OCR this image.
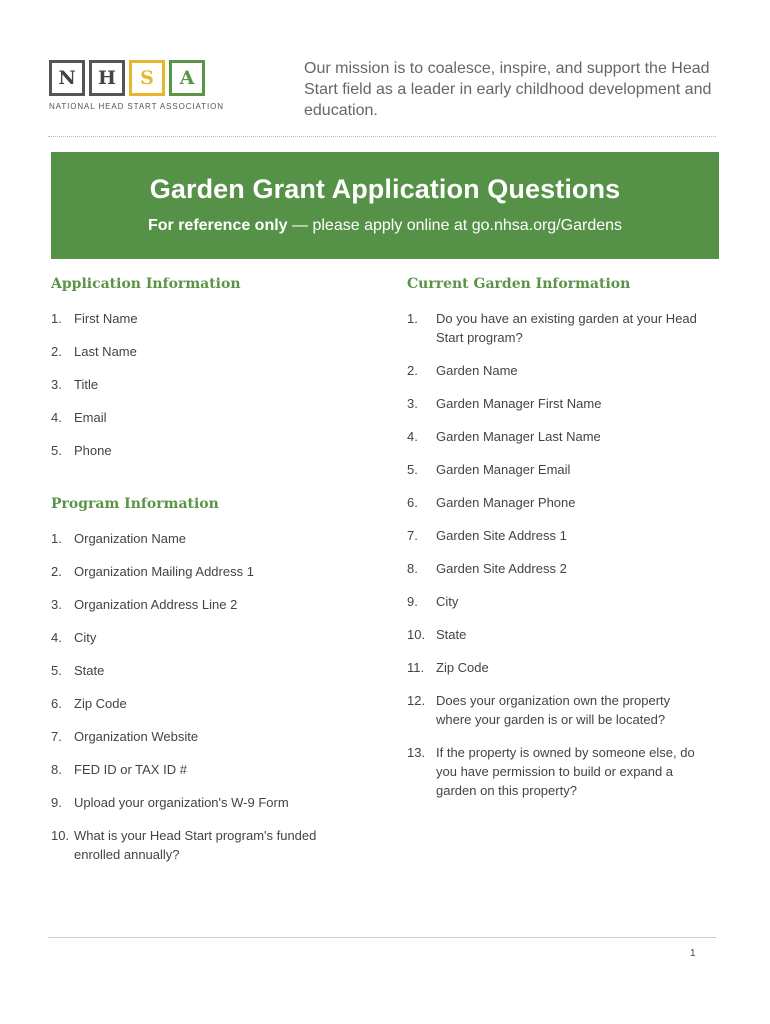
N	H	S	A
NATIONAL HEAD START ASSOCIATION
Our mission is to coalesce, inspire, and support the Head Start field as a leader in early childhood development and education.
Garden Grant Application Questions
For reference only — please apply online at go.nhsa.org/Gardens
Application Information
1. First Name
2. Last Name
3. Title
4. Email
5. Phone
Program Information
1. Organization Name
2. Organization Mailing Address 1
3. Organization Address Line 2
4. City
5. State
6. Zip Code
7. Organization Website
8. FED ID or TAX ID #
9. Upload your organization's W-9 Form
10. What is your Head Start program's funded enrolled annually?
Current Garden Information
1.	Do you have an existing garden at your Head Start program?
2.	Garden Name
3.	Garden Manager First Name
4.	Garden Manager Last Name
5.	Garden Manager Email
6.	Garden Manager Phone
7.	Garden Site Address 1
8.	Garden Site Address 2
9.	City
10. State
11. Zip Code
12. Does your organization own the property where your garden is or will be located?
13. If the property is owned by someone else, do you have permission to build or expand a garden on this property?
1
